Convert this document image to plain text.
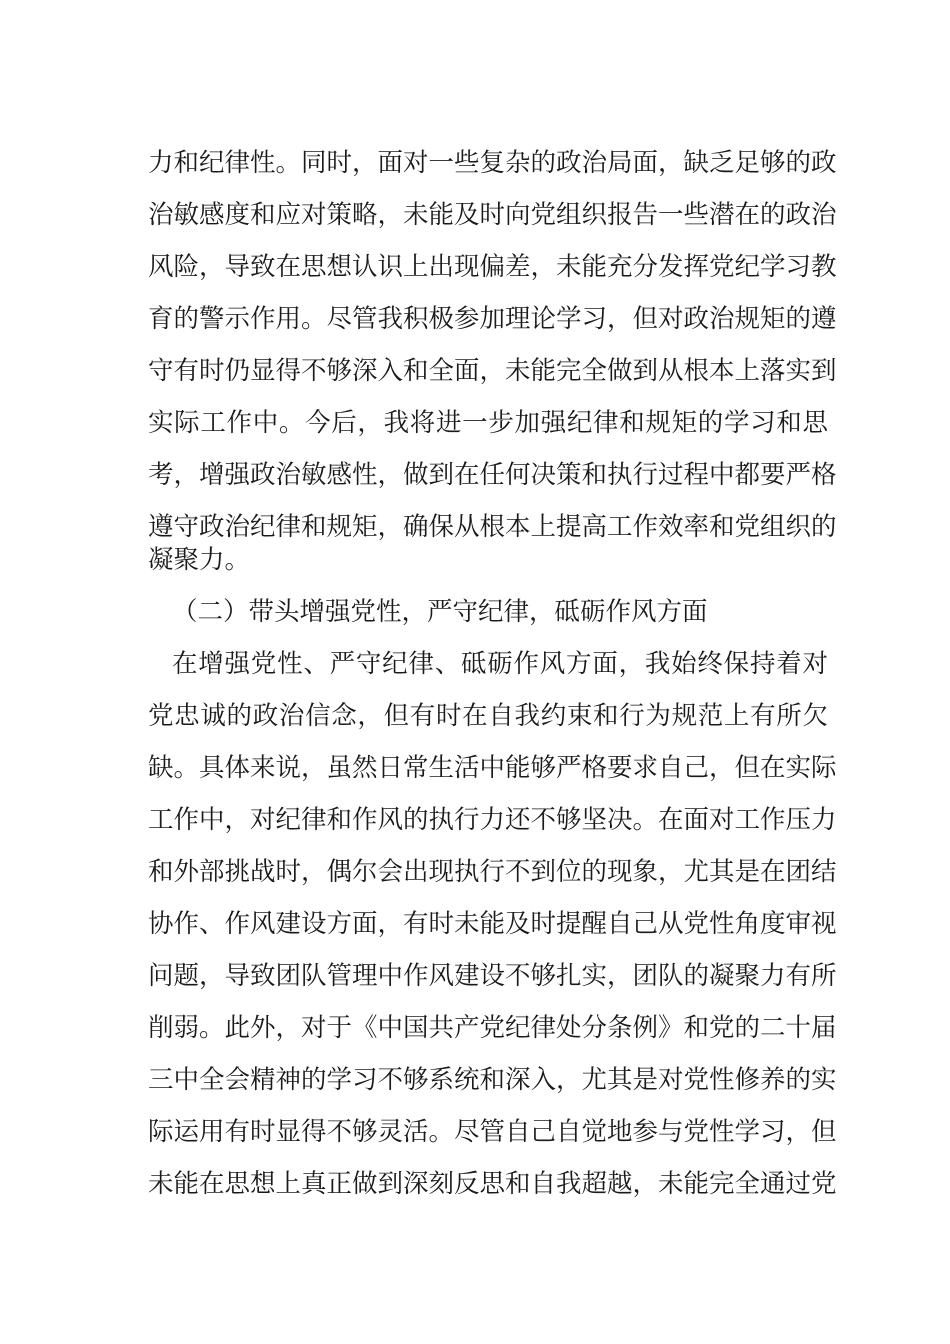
力和纪律性。同时，面对一些复杂的政治局面，缺乏足够的政
治敏感度和应对策略，未能及时向党组织报告一些潜在的政治
风险，导致在思想认识上出现偏差，未能充分发挥党纪学习教
育的警示作用。尽管我积极参加理论学习，但对政治规矩的遵
守有时仍显得不够深入和全面，未能完全做到从根本上落实到
实际工作中。今后，我将进一步加强纪律和规矩的学习和思
考，增强政治敏感性，做到在任何决策和执行过程中都要严格
遵守政治纪律和规矩，确保从根本上提高工作效率和党组织的
凝聚力。
（二）带头增强党性，严守纪律，砥砺作风方面
在增强党性、严守纪律、砥砺作风方面，我始终保持着对
党忠诚的政治信念，但有时在自我约束和行为规范上有所欠
缺。具体来说，虽然日常生活中能够严格要求自己，但在实际
工作中，对纪律和作风的执行力还不够坚决。在面对工作压力
和外部挑战时，偶尔会出现执行不到位的现象，尤其是在团结
协作、作风建设方面，有时未能及时提醒自己从党性角度审视
问题，导致团队管理中作风建设不够扎实，团队的凝聚力有所
削弱。此外，对于《中国共产党纪律处分条例》和党的二十届
三中全会精神的学习不够系统和深入，尤其是对党性修养的实
际运用有时显得不够灵活。尽管自己自觉地参与党性学习，但
未能在思想上真正做到深刻反思和自我超越，未能完全通过党
